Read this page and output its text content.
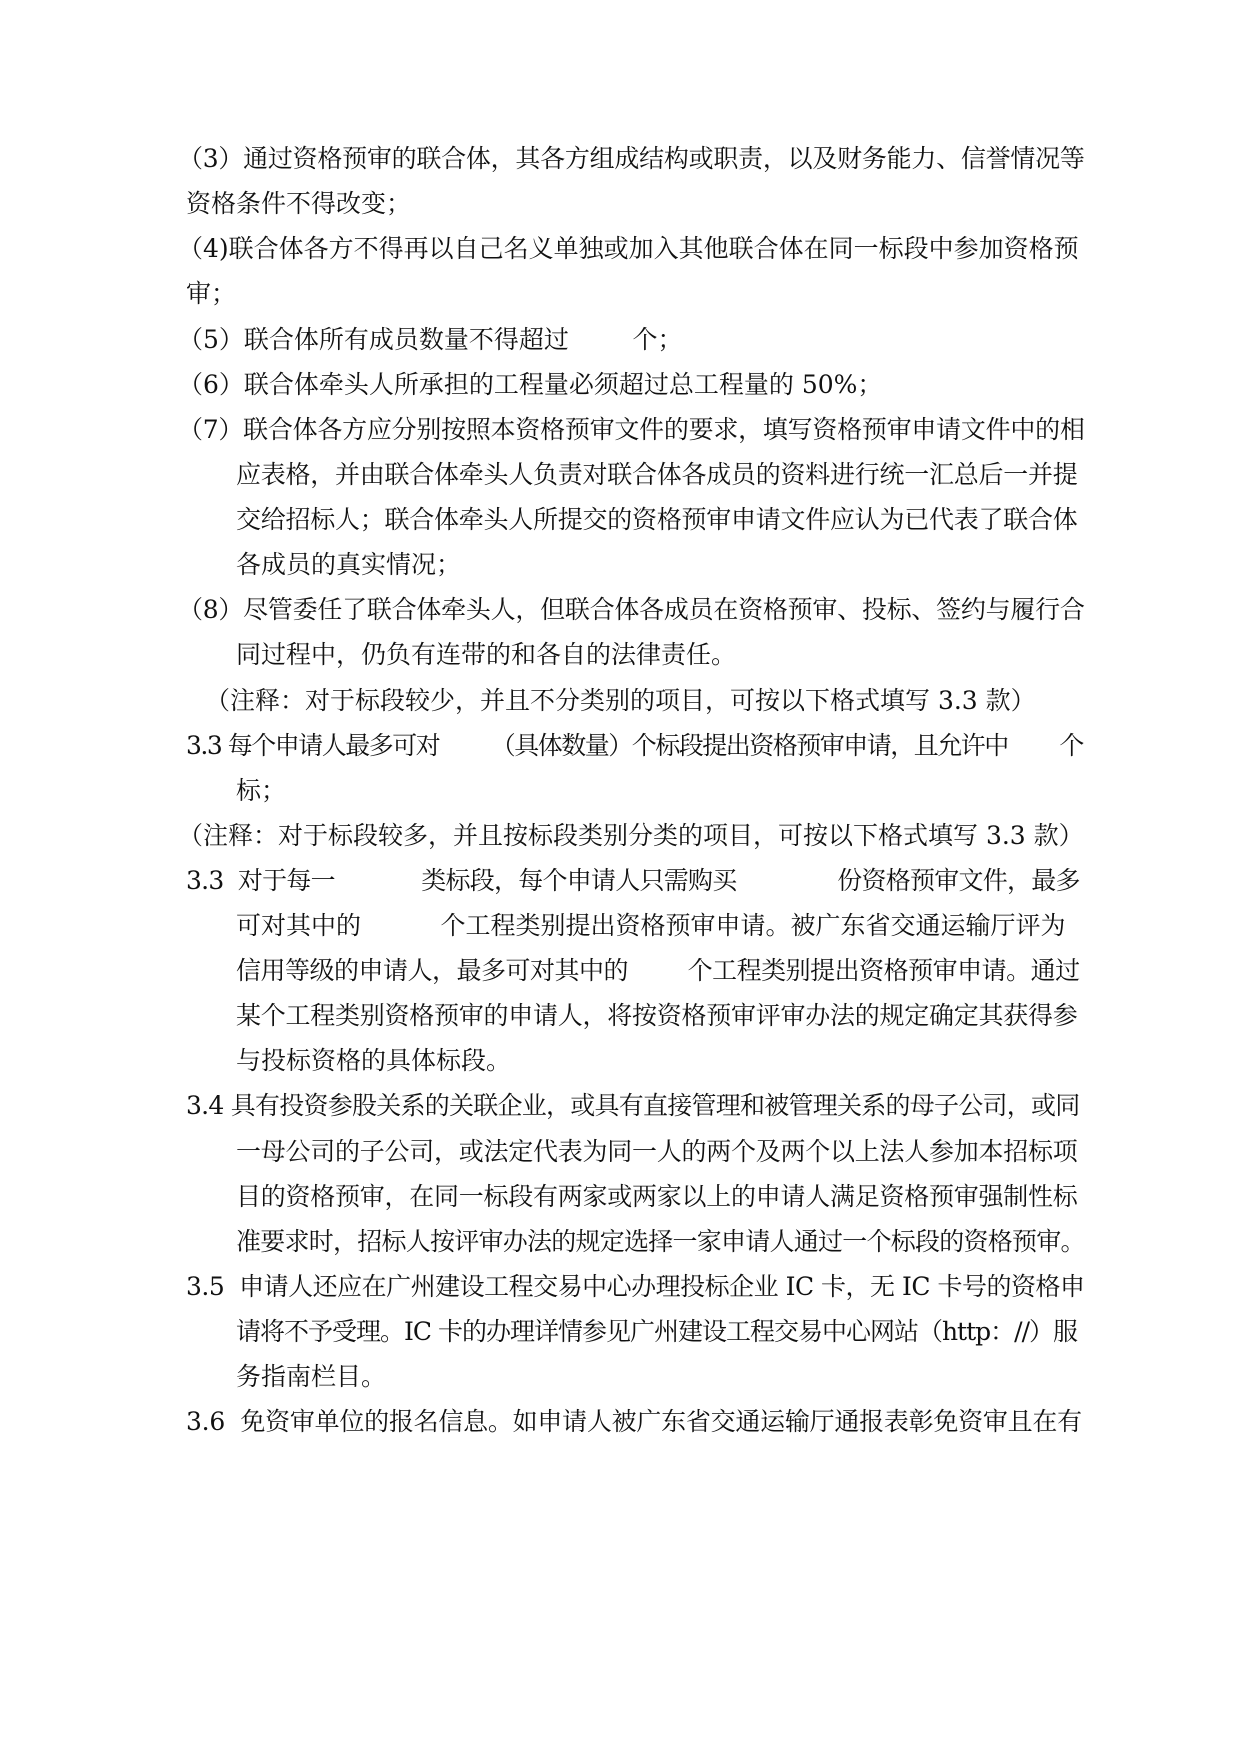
（3）通过资格预审的联合体，其各方组成结构或职责，以及财务能力、信誉情况等
资格条件不得改变；
（4)联合体各方不得再以自己名义单独或加入其他联合体在同一标段中参加资格预
审；
（5）联合体所有成员数量不得超过        个；
（6）联合体牵头人所承担的工程量必须超过总工程量的 50%；
（7）联合体各方应分别按照本资格预审文件的要求，填写资格预审申请文件中的相
应表格，并由联合体牵头人负责对联合体各成员的资料进行统一汇总后一并提
交给招标人；联合体牵头人所提交的资格预审申请文件应认为已代表了联合体
各成员的真实情况；
（8）尽管委任了联合体牵头人，但联合体各成员在资格预审、投标、签约与履行合
同过程中，仍负有连带的和各自的法律责任。
（注释：对于标段较少，并且不分类别的项目，可按以下格式填写 3.3 款）
3.3 每个申请人最多可对        （具体数量）个标段提出资格预审申请，且允许中        个
标；
（注释：对于标段较多，并且按标段类别分类的项目，可按以下格式填写 3.3 款）
3.3  对于每一            类标段，每个申请人只需购买              份资格预审文件，最多
可对其中的          个工程类别提出资格预审申请。被广东省交通运输厅评为
信用等级的申请人，最多可对其中的        个工程类别提出资格预审申请。通过
某个工程类别资格预审的申请人，将按资格预审评审办法的规定确定其获得参
与投标资格的具体标段。
3.4 具有投资参股关系的关联企业，或具有直接管理和被管理关系的母子公司，或同
一母公司的子公司，或法定代表为同一人的两个及两个以上法人参加本招标项
目的资格预审，在同一标段有两家或两家以上的申请人满足资格预审强制性标
准要求时，招标人按评审办法的规定选择一家申请人通过一个标段的资格预审。
3.5  申请人还应在广州建设工程交易中心办理投标企业 IC 卡，无 IC 卡号的资格申
请将不予受理。IC 卡的办理详情参见广州建设工程交易中心网站（http：//）服
务指南栏目。
3.6  免资审单位的报名信息。如申请人被广东省交通运输厅通报表彰免资审且在有
